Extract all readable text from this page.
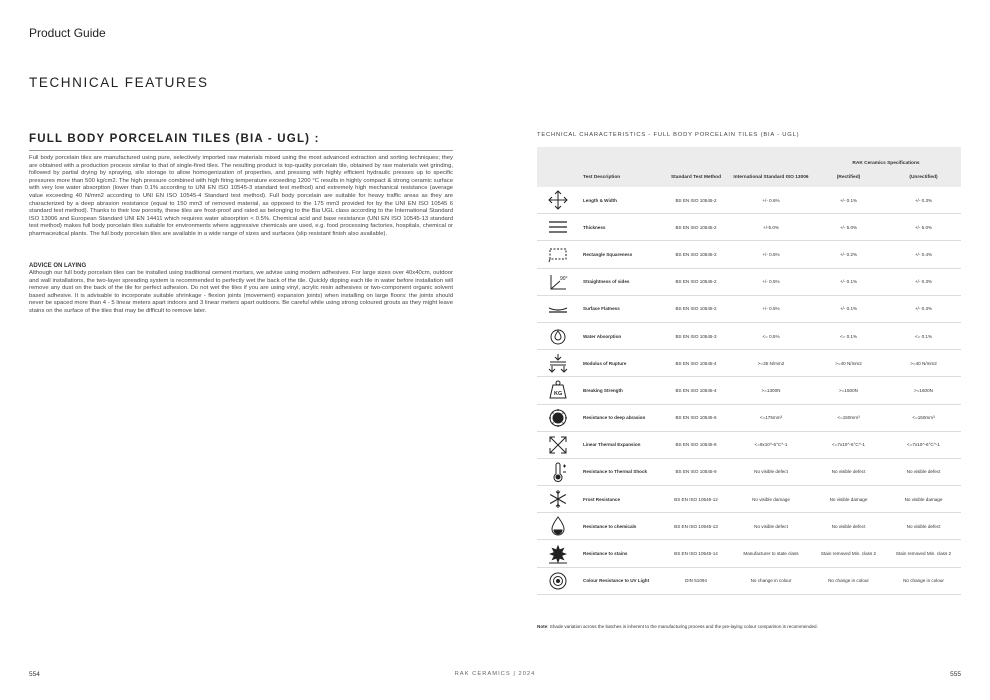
Product Guide
TECHNICAL FEATURES
FULL BODY PORCELAIN TILES (BIA - UGL) :

Full body porcelain tiles are manufactured using pure, selectively imported raw materials mixed using the most advanced extraction and sorting techniques; they are obtained with a production process similar to that of single-fired tiles. The resulting product is top-quality porcelain tile, obtained by raw materials wet grinding, followed by partial drying by spraying, silo storage to allow homogenization of properties, and pressing with highly efficient hydraulic presses up to specific pressures more than 500 kg/cm2. The high pressure combined with high firing temperature exceeding 1200 °C results in highly compact & strong ceramic surface with very low water absorption (lower than 0.1% according to UNI EN ISO 10545-3 standard test method) and extremely high mechanical resistance (average value exceeding 40 N/mm2 according to UNI EN ISO 10545-4 Standard test method). Full body porcelain are suitable for heavy traffic areas as they are characterized by a deep abrasion resistance (equal to 150 mm3 of removed material, as opposed to the 175 mm3 provided for by the UNI EN ISO 10545 6 standard test method). Thanks to their low porosity, these tiles are frost-proof and rated as belonging to the Bia UGL class according to the International Standard ISO 13006 and European Standard UNI EN 14411 which requires water absorption < 0.5%. Chemical acid and base resistance (UNI EN ISO 10545-13 standard test method) makes full body porcelain tiles suitable for environments where aggressive chemicals are used, e.g. food processing factories, hospitals, chemical or pharmaceutical plants. The full body porcelain tiles are available in a wide range of sizes and surfaces (slip resistant finish also available).

ADVICE ON LAYING

Although our full body porcelain tiles can be installed using traditional cement mortars, we advise using modern adhesives. For large sizes over 40x40cm, outdoor and wall installations, the two-layer spreading system is recommended to perfectly wet the back of the tile. Quickly dipping each tile in water before installation will remove any dust on the back of the tile for perfect adhesion. Do not wet the tiles if you are using vinyl, acrylic resin adhesives or two-component organic solvent based adhesive. It is advisable to incorporate suitable shrinkage - flexion joints (movement) expansion joints) when installing on large floors: the joints should never be spaced more than 4 - 5 linear meters apart indoors and 3 linear meters apart outdoors. Be careful while using strong coloured grouts as they might leave stains on the surface of the tiles that may be difficult to remove later.

TECHNICAL CHARACTERISTICS - FULL BODY PORCELAIN TILES (BIA - UGL)
				RAK Ceramics Specifications	
	Test Description	Standard Test Method	International Standard ISO 13006	(Rectified)	(Unrectified)

	Length & Width	BS EN ISO 10545-2	+/- 0.6%	+/- 0.1%	+/- 0.3%

	Thickness	BS EN ISO 10545-2	+/-5.0%	+/- 5.0%	+/- 5.0%

	Rectangle Squareness	BS EN ISO 10545-2	+/- 0.5%	+/- 0.2%	+/- 0.4%

90°	Straightness of sides	BS EN ISO 10545-2	+/- 0.5%	+/- 0.1%	+/- 0.3%

	Surface Flatness	BS EN ISO 10545-2	+/- 0.5%	+/- 0.1%	+/- 0.3%

	Water Absorption	BS EN ISO 10545-3	<= 0.5%	<= 0.1%	<= 0.1%

	Modulus of Rupture	BS EN ISO 10545-4	>=35 N/mm2	>=40 N/mm2	>=40 N/mm2

KG	Breaking Strength	BS EN ISO 10545-4	>=1300N	>=1500N	>=1600N

	Resistance to deep abrasion	BS EN ISO 10545-6	<=175mm³	<=150mm³	<=150mm³

	Linear Thermal Expansion	BS EN ISO 10545-8	<=9x10^-6°C^-1	<=7x10^-6°C^-1	<=7x10^-6°C^-1

	Resistance to Thermal Shock	BS EN ISO 10545-9	No visible defect	No visible defect	No visible defect

	Frost Resistance	BS EN ISO 10545-12	No visible damage	No visible damage	No visible damage

	Resistance to chemicals	BS EN ISO 10545-13	No visible defect	No visible defect	No visible defect

	Resistance to stains	BS EN ISO 10545-14	Manufacturer to state class	Stain removed Min. class 2	Stain removed Min. class 2

	Colour Resistance to UV Light	DIN 51094	No change in colour	No change in colour	No change in colour
Note: Shade variation across the batches is inherent to the manufacturing process and the pre-laying colour comparison is recommended.
554	RAK CERAMICS | 2024	555
